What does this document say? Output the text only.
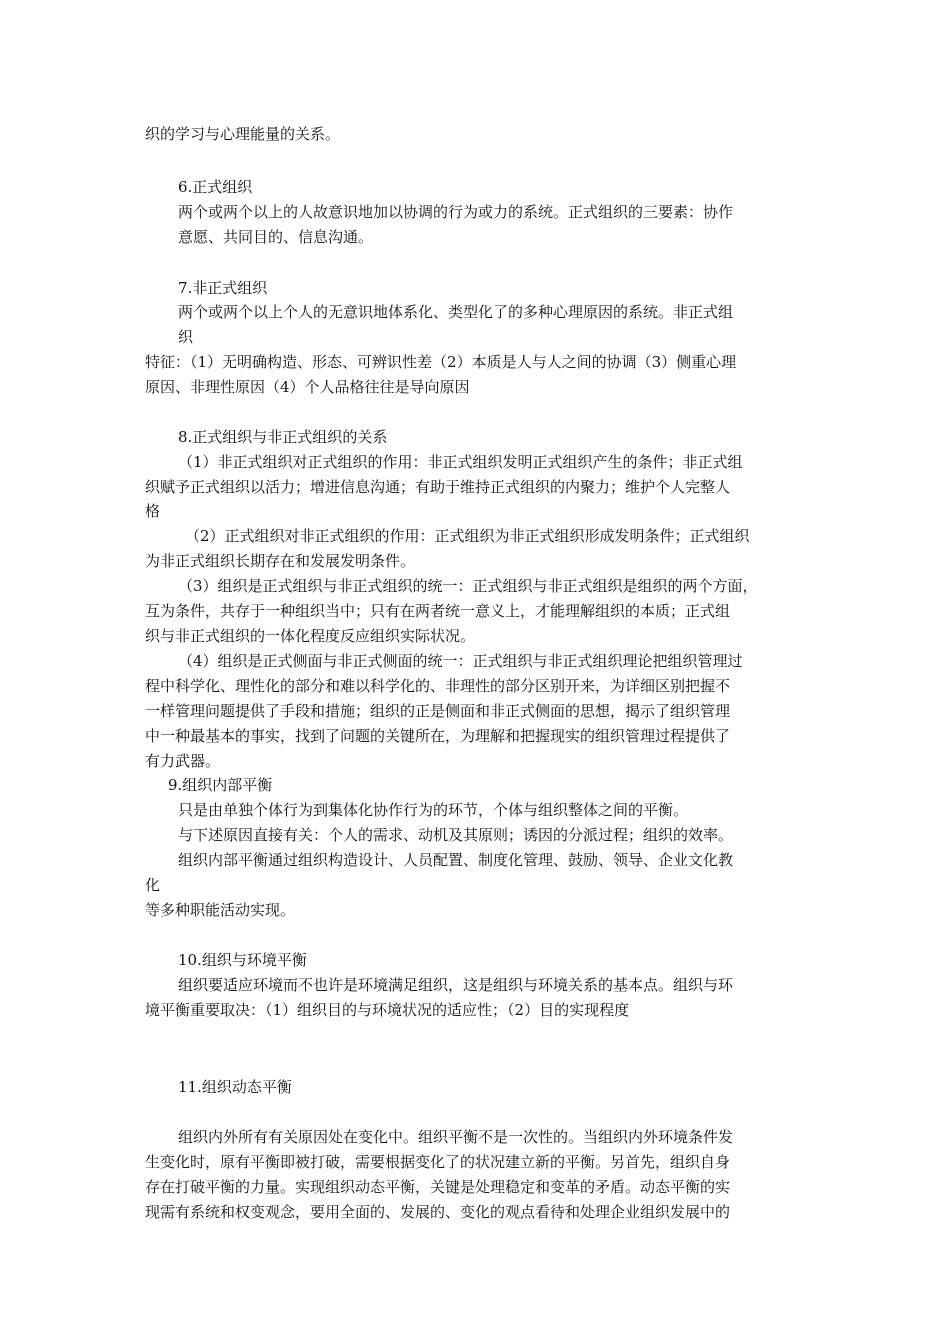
织的学习与心理能量的关系。
6.正式组织
两个或两个以上的人故意识地加以协调的行为或力的系统。正式组织的三要素：协作
意愿、共同目的、信息沟通。
7.非正式组织
两个或两个以上个人的无意识地体系化、类型化了的多种心理原因的系统。非正式组
织
特征：（1）无明确构造、形态、可辨识性差（2）本质是人与人之间的协调（3）侧重心理
原因、非理性原因（4）个人品格往往是导向原因
8.正式组织与非正式组织的关系
（1）非正式组织对正式组织的作用：非正式组织发明正式组织产生的条件；非正式组
织赋予正式组织以活力；增进信息沟通；有助于维持正式组织的内聚力；维护个人完整人
格
（2）正式组织对非正式组织的作用：正式组织为非正式组织形成发明条件；正式组织
为非正式组织长期存在和发展发明条件。
（3）组织是正式组织与非正式组织的统一：正式组织与非正式组织是组织的两个方面，
互为条件，共存于一种组织当中；只有在两者统一意义上，才能理解组织的本质；正式组
织与非正式组织的一体化程度反应组织实际状况。
（4）组织是正式侧面与非正式侧面的统一：正式组织与非正式组织理论把组织管理过
程中科学化、理性化的部分和难以科学化的、非理性的部分区别开来，为详细区别把握不
一样管理问题提供了手段和措施；组织的正是侧面和非正式侧面的思想，揭示了组织管理
中一种最基本的事实，找到了问题的关键所在，为理解和把握现实的组织管理过程提供了
有力武器。
9.组织内部平衡
只是由单独个体行为到集体化协作行为的环节，个体与组织整体之间的平衡。
与下述原因直接有关：个人的需求、动机及其原则；诱因的分派过程；组织的效率。
组织内部平衡通过组织构造设计、人员配置、制度化管理、鼓励、领导、企业文化教
化
等多种职能活动实现。
10.组织与环境平衡
组织要适应环境而不也许是环境满足组织，这是组织与环境关系的基本点。组织与环
境平衡重要取决：（1）组织目的与环境状况的适应性；（2）目的实现程度
11.组织动态平衡
组织内外所有有关原因处在变化中。组织平衡不是一次性的。当组织内外环境条件发
生变化时，原有平衡即被打破，需要根据变化了的状况建立新的平衡。另首先，组织自身
存在打破平衡的力量。实现组织动态平衡，关键是处理稳定和变革的矛盾。动态平衡的实
现需有系统和权变观念，要用全面的、发展的、变化的观点看待和处理企业组织发展中的
